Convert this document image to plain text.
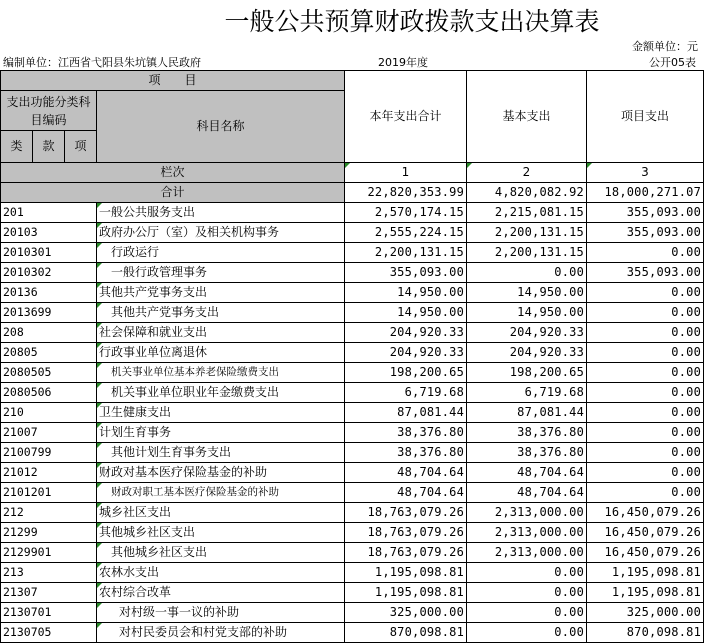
一般公共预算财政拨款支出决算表
金额单位：元
编制单位：江西省弋阳县朱坑镇人民政府	2019年度	公开05表
项　　目				本年支出合计	基本支出	项目支出
支出功能分类科目编码			科目名称			

类	款	项				
栏次				1	2	3
合计				22,820,353.99	4,820,082.92	18,000,271.07
201			一般公共服务支出	2,570,174.15	2,215,081.15	355,093.00
20103			政府办公厅（室）及相关机构事务	2,555,224.15	2,200,131.15	355,093.00
2010301			行政运行	2,200,131.15	2,200,131.15	0.00
2010302			一般行政管理事务	355,093.00	0.00	355,093.00
20136			其他共产党事务支出	14,950.00	14,950.00	0.00
2013699			其他共产党事务支出	14,950.00	14,950.00	0.00
208			社会保障和就业支出	204,920.33	204,920.33	0.00
20805			行政事业单位离退休	204,920.33	204,920.33	0.00
2080505			机关事业单位基本养老保险缴费支出	198,200.65	198,200.65	0.00
2080506			机关事业单位职业年金缴费支出	6,719.68	6,719.68	0.00
210			卫生健康支出	87,081.44	87,081.44	0.00
21007			计划生育事务	38,376.80	38,376.80	0.00
2100799			其他计划生育事务支出	38,376.80	38,376.80	0.00
21012			财政对基本医疗保险基金的补助	48,704.64	48,704.64	0.00
2101201			财政对职工基本医疗保险基金的补助	48,704.64	48,704.64	0.00
212			城乡社区支出	18,763,079.26	2,313,000.00	16,450,079.26
21299			其他城乡社区支出	18,763,079.26	2,313,000.00	16,450,079.26
2129901			其他城乡社区支出	18,763,079.26	2,313,000.00	16,450,079.26
213			农林水支出	1,195,098.81	0.00	1,195,098.81
21307			农村综合改革	1,195,098.81	0.00	1,195,098.81
2130701			对村级一事一议的补助	325,000.00	0.00	325,000.00
2130705			对村民委员会和村党支部的补助	870,098.81	0.00	870,098.81
